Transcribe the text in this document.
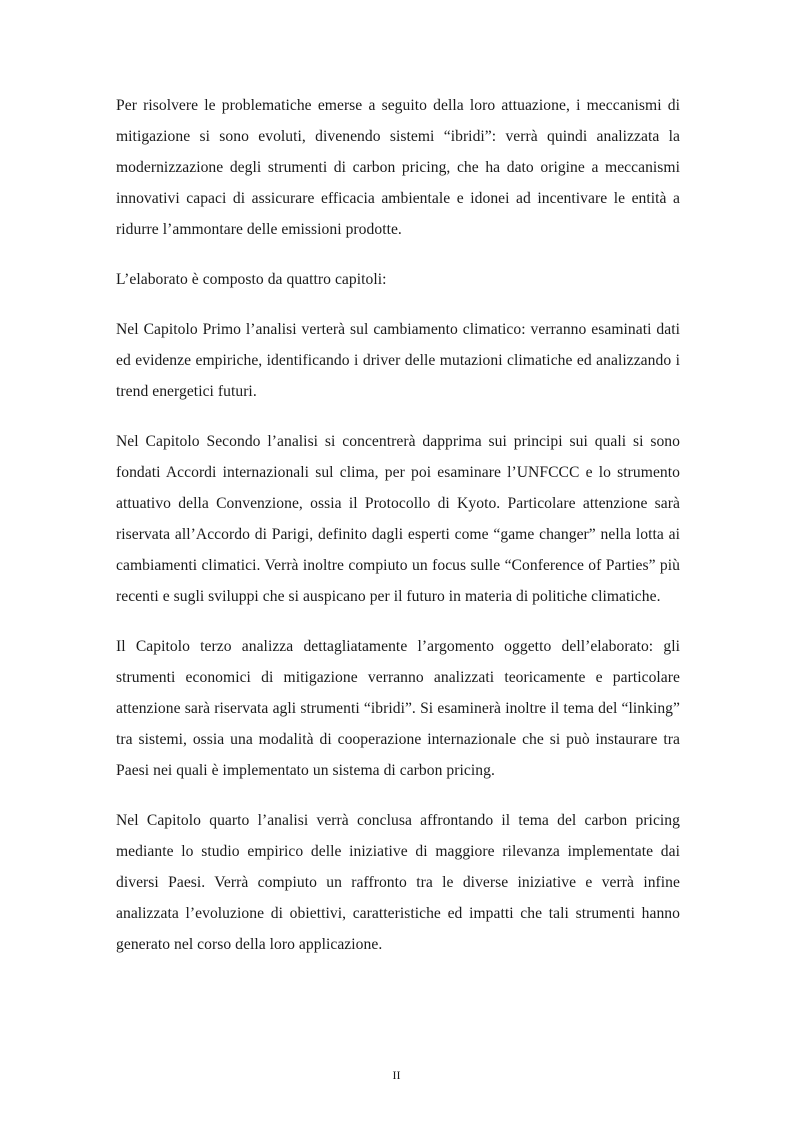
Per risolvere le problematiche emerse a seguito della loro attuazione, i meccanismi di mitigazione si sono evoluti, divenendo sistemi “ibridi”: verrà quindi analizzata la modernizzazione degli strumenti di carbon pricing, che ha dato origine a meccanismi innovativi capaci di assicurare efficacia ambientale e idonei ad incentivare le entità a ridurre l’ammontare delle emissioni prodotte.

L’elaborato è composto da quattro capitoli:

Nel Capitolo Primo l’analisi verterà sul cambiamento climatico: verranno esaminati dati ed evidenze empiriche, identificando i driver delle mutazioni climatiche ed analizzando i trend energetici futuri.

Nel Capitolo Secondo l’analisi si concentrerà dapprima sui principi sui quali si sono fondati Accordi internazionali sul clima, per poi esaminare l’UNFCCC e lo strumento attuativo della Convenzione, ossia il Protocollo di Kyoto. Particolare attenzione sarà riservata all’Accordo di Parigi, definito dagli esperti come “game changer” nella lotta ai cambiamenti climatici. Verrà inoltre compiuto un focus sulle “Conference of Parties” più recenti e sugli sviluppi che si auspicano per il futuro in materia di politiche climatiche.

Il Capitolo terzo analizza dettagliatamente l’argomento oggetto dell’elaborato: gli strumenti economici di mitigazione verranno analizzati teoricamente e particolare attenzione sarà riservata agli strumenti “ibridi”. Si esaminerà inoltre il tema del “linking” tra sistemi, ossia una modalità di cooperazione internazionale che si può instaurare tra Paesi nei quali è implementato un sistema di carbon pricing.

Nel Capitolo quarto l’analisi verrà conclusa affrontando il tema del carbon pricing mediante lo studio empirico delle iniziative di maggiore rilevanza implementate dai diversi Paesi. Verrà compiuto un raffronto tra le diverse iniziative e verrà infine analizzata l’evoluzione di obiettivi, caratteristiche ed impatti che tali strumenti hanno generato nel corso della loro applicazione.

II
